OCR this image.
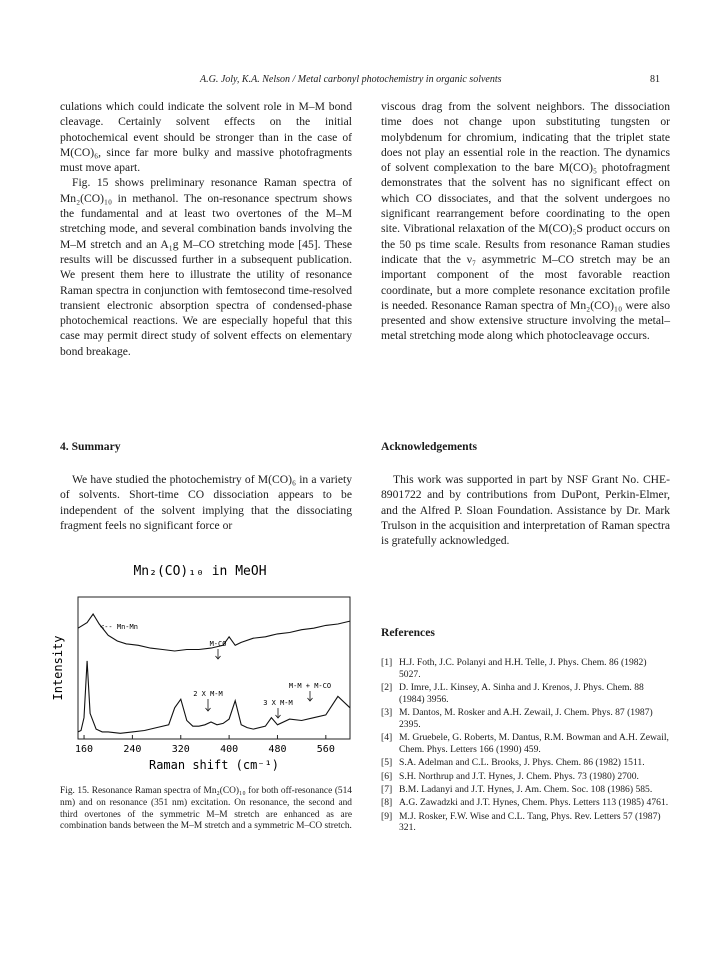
A.G. Joly, K.A. Nelson / Metal carbonyl photochemistry in organic solvents	81

culations which could indicate the solvent role in M–M bond cleavage. Certainly solvent effects on the initial photochemical event should be stronger than in the case of M(CO)₆, since far more bulky and massive photofragments must move apart.

Fig. 15 shows preliminary resonance Raman spectra of Mn₂(CO)₁₀ in methanol. The on-resonance spectrum shows the fundamental and at least two overtones of the M–M stretching mode, and several combination bands involving the M–M stretch and an A₁g M–CO stretching mode [45]. These results will be discussed further in a subsequent publication. We present them here to illustrate the utility of resonance Raman spectra in conjunction with femtosecond time-resolved transient electronic absorption spectra of condensed-phase photochemical reactions. We are especially hopeful that this case may permit direct study of solvent effects on elementary bond breakage.

viscous drag from the solvent neighbors. The dissociation time does not change upon substituting tungsten or molybdenum for chromium, indicating that the triplet state does not play an essential role in the reaction. The dynamics of solvent complexation to the bare M(CO)₅ photofragment demonstrates that the solvent has no significant effect on which CO dissociates, and that the solvent undergoes no significant rearrangement before coordinating to the open site. Vibrational relaxation of the M(CO)₅S product occurs on the 50 ps time scale. Results from resonance Raman studies indicate that the ν₇ asymmetric M–CO stretch may be an important component of the most favorable reaction coordinate, but a more complete resonance excitation profile is needed. Resonance Raman spectra of Mn₂(CO)₁₀ were also presented and show extensive structure involving the metal–metal stretching mode along which photocleavage occurs.

4. Summary

We have studied the photochemistry of M(CO)₆ in a variety of solvents. Short-time CO dissociation appears to be independent of the solvent implying that the dissociating fragment feels no significant force or

Acknowledgements

This work was supported in part by NSF Grant No. CHE-8901722 and by contributions from DuPont, Perkin-Elmer, and the Alfred P. Sloan Foundation. Assistance by Dr. Mark Trulson in the acquisition and interpretation of Raman spectra is gratefully acknowledged.

References
[1] H.J. Foth, J.C. Polanyi and H.H. Telle, J. Phys. Chem. 86 (1982) 5027.
[2] D. Imre, J.L. Kinsey, A. Sinha and J. Krenos, J. Phys. Chem. 88 (1984) 3956.
[3] M. Dantos, M. Rosker and A.H. Zewail, J. Chem. Phys. 87 (1987) 2395.
[4] M. Gruebele, G. Roberts, M. Dantus, R.M. Bowman and A.H. Zewail, Chem. Phys. Letters 166 (1990) 459.
[5] S.A. Adelman and C.L. Brooks, J. Phys. Chem. 86 (1982) 1511.
[6] S.H. Northrup and J.T. Hynes, J. Chem. Phys. 73 (1980) 2700.
[7] B.M. Ladanyi and J.T. Hynes, J. Am. Chem. Soc. 108 (1986) 585.
[8] A.G. Zawadzki and J.T. Hynes, Chem. Phys. Letters 113 (1985) 4761.
[9] M.J. Rosker, F.W. Wise and C.L. Tang, Phys. Rev. Letters 57 (1987) 321.
Mn₂(CO)₁₀ in MeOH
Intensity
160	240	320	400	480	560
Raman shift (cm⁻¹)
<-- Mn-Mn
M-CO
M-M + M-CO
2 X M-M
3 X M-M
Fig. 15. Resonance Raman spectra of Mn₂(CO)₁₀ for both off-resonance (514 nm) and on resonance (351 nm) excitation. On resonance, the second and third overtones of the symmetric M–M stretch are enhanced as are combination bands between the M–M stretch and a symmetric M–CO stretch.
